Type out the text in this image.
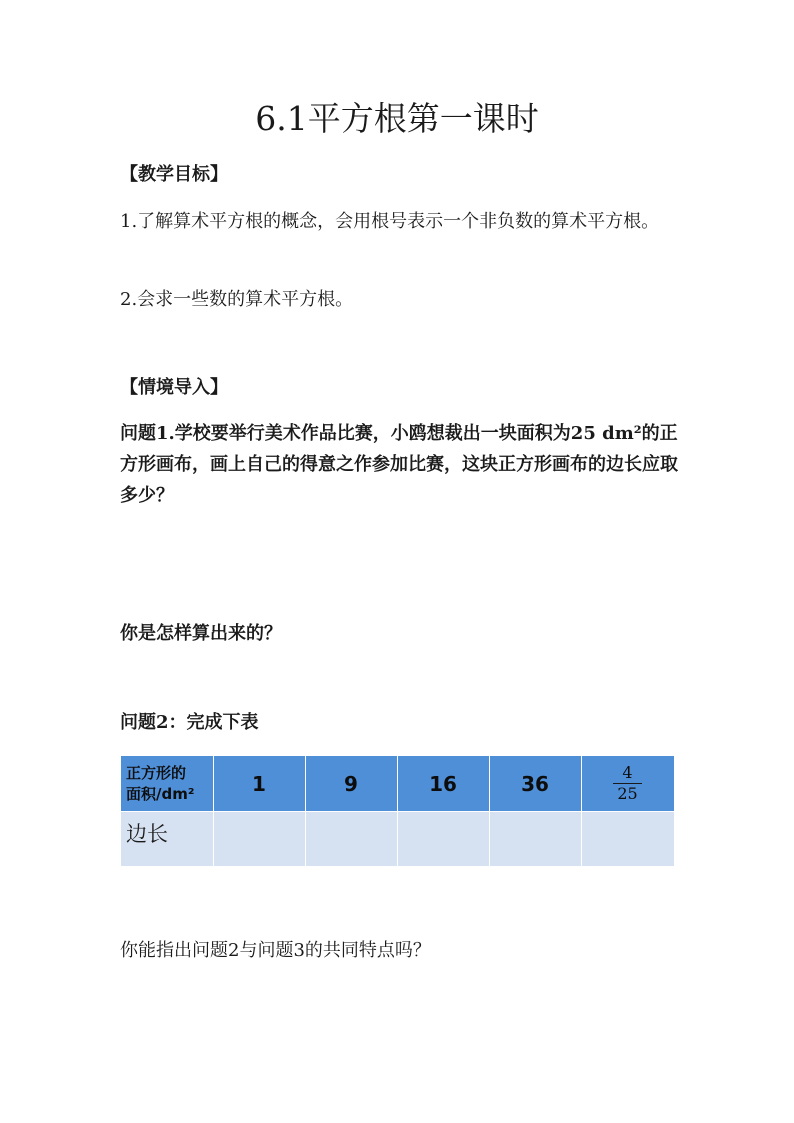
6.1平方根第一课时
【教学目标】
1.了解算术平方根的概念，会用根号表示一个非负数的算术平方根。
2.会求一些数的算术平方根。
【情境导入】
问题1.学校要举行美术作品比赛，小鸥想裁出一块面积为25 dm²的正方形画布，画上自己的得意之作参加比赛，这块正方形画布的边长应取多少？
你是怎样算出来的？
问题2：完成下表
正方形的
面积/dm²	1	9	16	36	$\frac{4}{25}$

边长					
你能指出问题2与问题3的共同特点吗？
